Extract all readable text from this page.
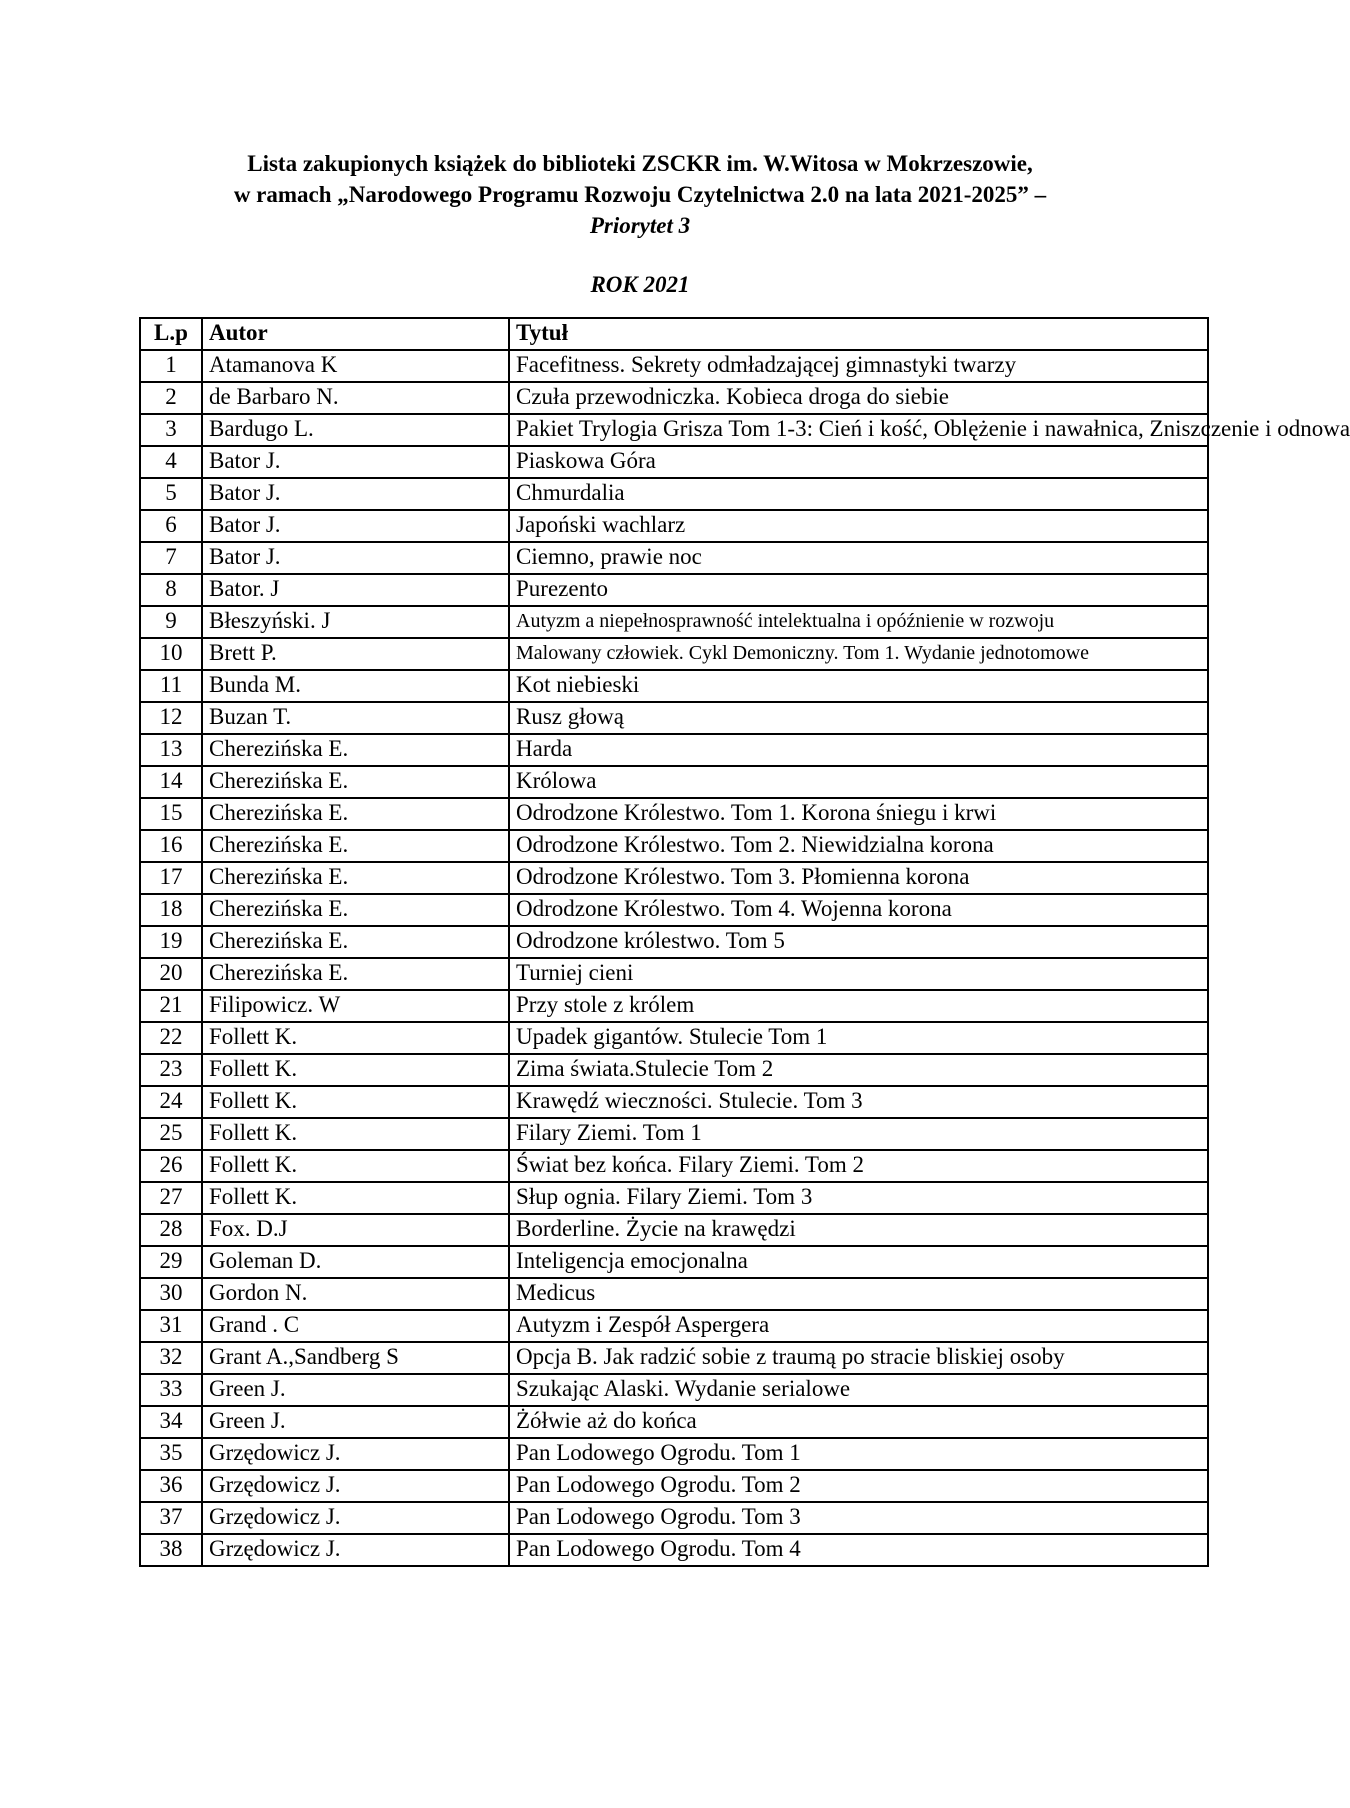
Lista zakupionych książek do biblioteki ZSCKR im. W.Witosa w Mokrzeszowie,
w ramach „Narodowego Programu Rozwoju Czytelnictwa 2.0 na lata 2021-2025” –
Priorytet 3
ROK 2021
L.p	Autor	Tytuł
1	Atamanova K	Facefitness. Sekrety odmładzającej gimnastyki twarzy
2	de Barbaro N.	Czuła przewodniczka. Kobieca droga do siebie
3	Bardugo L.	Pakiet Trylogia Grisza Tom 1-3: Cień i kość, Oblężenie i nawałnica, Zniszczenie i odnowa
4	Bator J.	Piaskowa Góra
5	Bator J.	Chmurdalia
6	Bator J.	Japoński wachlarz
7	Bator J.	Ciemno, prawie noc
8	Bator. J	Purezento
9	Błeszyński. J	Autyzm a niepełnosprawność intelektualna i opóźnienie w rozwoju
10	Brett P.	Malowany człowiek. Cykl Demoniczny. Tom 1. Wydanie jednotomowe
11	Bunda M.	Kot niebieski
12	Buzan T.	Rusz głową
13	Cherezińska E.	Harda
14	Cherezińska E.	Królowa
15	Cherezińska E.	Odrodzone Królestwo. Tom 1. Korona śniegu i krwi
16	Cherezińska E.	Odrodzone Królestwo. Tom 2. Niewidzialna korona
17	Cherezińska E.	Odrodzone Królestwo. Tom 3. Płomienna korona
18	Cherezińska E.	Odrodzone Królestwo. Tom 4. Wojenna korona
19	Cherezińska E.	Odrodzone królestwo. Tom 5
20	Cherezińska E.	Turniej cieni
21	Filipowicz. W	Przy stole z królem
22	Follett K.	Upadek gigantów. Stulecie Tom 1
23	Follett K.	Zima świata.Stulecie Tom 2
24	Follett K.	Krawędź wieczności. Stulecie. Tom 3
25	Follett K.	Filary Ziemi. Tom 1
26	Follett K.	Świat bez końca. Filary Ziemi. Tom 2
27	Follett K.	Słup ognia. Filary Ziemi. Tom 3
28	Fox. D.J	Borderline. Życie na krawędzi
29	Goleman D.	Inteligencja emocjonalna
30	Gordon N.	Medicus
31	Grand . C	Autyzm i Zespół Aspergera
32	Grant A.,Sandberg S	Opcja B. Jak radzić sobie z traumą po stracie bliskiej osoby
33	Green J.	Szukając Alaski. Wydanie serialowe
34	Green J.	Żółwie aż do końca
35	Grzędowicz J.	Pan Lodowego Ogrodu. Tom 1
36	Grzędowicz J.	Pan Lodowego Ogrodu. Tom 2
37	Grzędowicz J.	Pan Lodowego Ogrodu. Tom 3
38	Grzędowicz J.	Pan Lodowego Ogrodu. Tom 4
